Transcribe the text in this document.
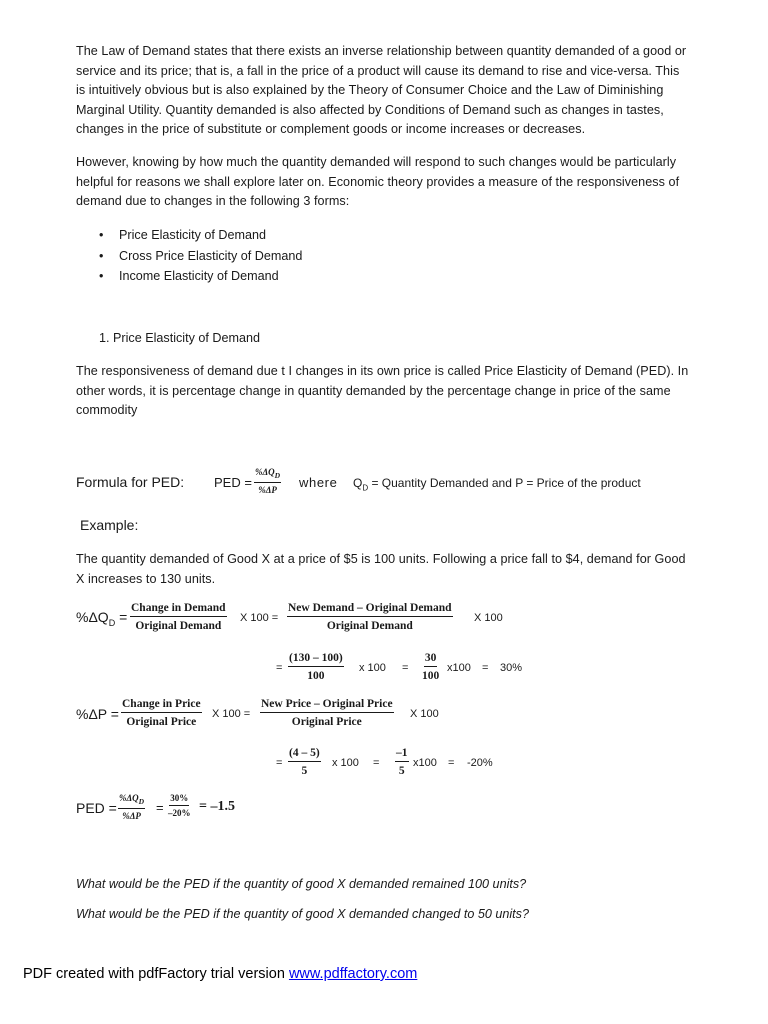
The Law of Demand states that there exists an inverse relationship between quantity demanded of a good or service and its price; that is, a fall in the price of a product will cause its demand to rise and vice-versa. This is intuitively obvious but is also explained by the Theory of Consumer Choice and the Law of Diminishing Marginal Utility. Quantity demanded is also affected by Conditions of Demand such as changes in tastes, changes in the price of substitute or complement goods or income increases or decreases.
However, knowing by how much the quantity demanded will respond to such changes would be particularly helpful for reasons we shall explore later on. Economic theory provides a measure of the responsiveness of demand due to changes in the following 3 forms:
• Price Elasticity of Demand
• Cross Price Elasticity of Demand
• Income Elasticity of Demand
1. Price Elasticity of Demand
The responsiveness of demand due t I changes in its own price is called Price Elasticity of Demand (PED). In other words, it is percentage change in quantity demanded by the percentage change in price of the same commodity
Formula for PED: PED =
$\%\Delta Q_D$
%ΔP where $Q_D$ = Quantity Demanded and P = Price of the product
Example:
The quantity demanded of Good X at a price of $5 is 100 units. Following a price fall to $4, demand for Good X increases to 130 units.
$\%\Delta Q_D$ =
Change in Demand
Original Demand
X 100 =
New Demand – Original Demand
Original Demand
X 100
= $\frac{(130 - 100)}{100}$ x $100 = \frac{30}{100} x100 = 30\%$
%ΔP =
Change in Price
Original Price
X 100 =
New Price – Original Price
Original Price
X 100
= $\frac{(4 - 5)}{5}$ x $100 = \frac{-1}{5} x100 = -20\%$
PED =
$\%\Delta Q_D$
%ΔP
= $\frac{30\%}{-20\%} = -1.5$
What would be the PED if the quantity of good X demanded remained 100 units?
What would be the PED if the quantity of good X demanded changed to 50 units?
PDF created with pdfFactory trial version www.pdffactory.com
